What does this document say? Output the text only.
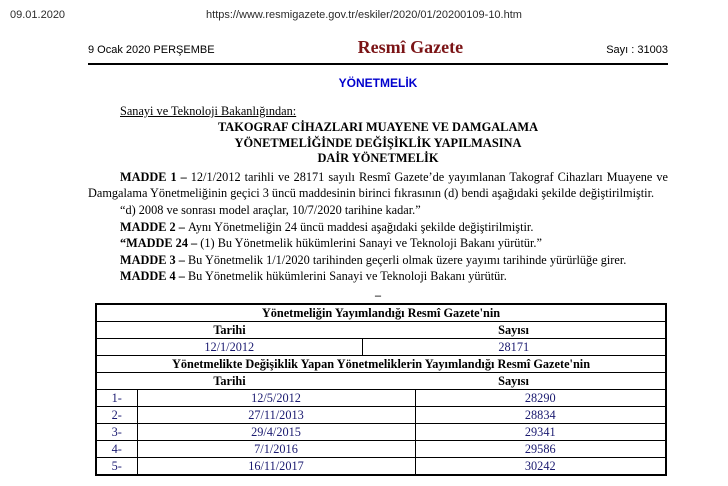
09.01.2020	https://www.resmigazete.gov.tr/eskiler/2020/01/20200109-10.htm
9 Ocak 2020 PERŞEMBE	Resmî Gazete	Sayı : 31003
YÖNETMELİK
Sanayi ve Teknoloji Bakanlığından:
TAKOGRAF CİHAZLARI MUAYENE VE DAMGALAMA
YÖNETMELİĞİNDE DEĞİŞİKLİK YAPILMASINA
DAİR YÖNETMELİK

MADDE 1 – 12/1/2012 tarihli ve 28171 sayılı Resmî Gazete’de yayımlanan Takograf Cihazları Muayene ve Damgalama Yönetmeliğinin geçici 3 üncü maddesinin birinci fıkrasının (d) bendi aşağıdaki şekilde değiştirilmiştir.

“d) 2008 ve sonrası model araçlar, 10/7/2020 tarihine kadar.”

MADDE 2 – Aynı Yönetmeliğin 24 üncü maddesi aşağıdaki şekilde değiştirilmiştir.

“MADDE 24 – (1) Bu Yönetmelik hükümlerini Sanayi ve Teknoloji Bakanı yürütür.”

MADDE 3 – Bu Yönetmelik 1/1/2020 tarihinden geçerli olmak üzere yayımı tarihinde yürürlüğe girer.

MADDE 4 – Bu Yönetmelik hükümlerini Sanayi ve Teknoloji Bakanı yürütür.

–
Yönetmeliğin Yayımlandığı Resmî Gazete'nin

Tarihi	Sayısı

12/1/2012	28171
Yönetmelikte Değişiklik Yapan Yönetmeliklerin Yayımlandığı Resmî Gazete'nin		

Tarihi Sayısı		

1-	12/5/2012	28290
2-	27/11/2013	28834
3-	29/4/2015	29341
4-	7/1/2016	29586
5-	16/11/2017	30242
